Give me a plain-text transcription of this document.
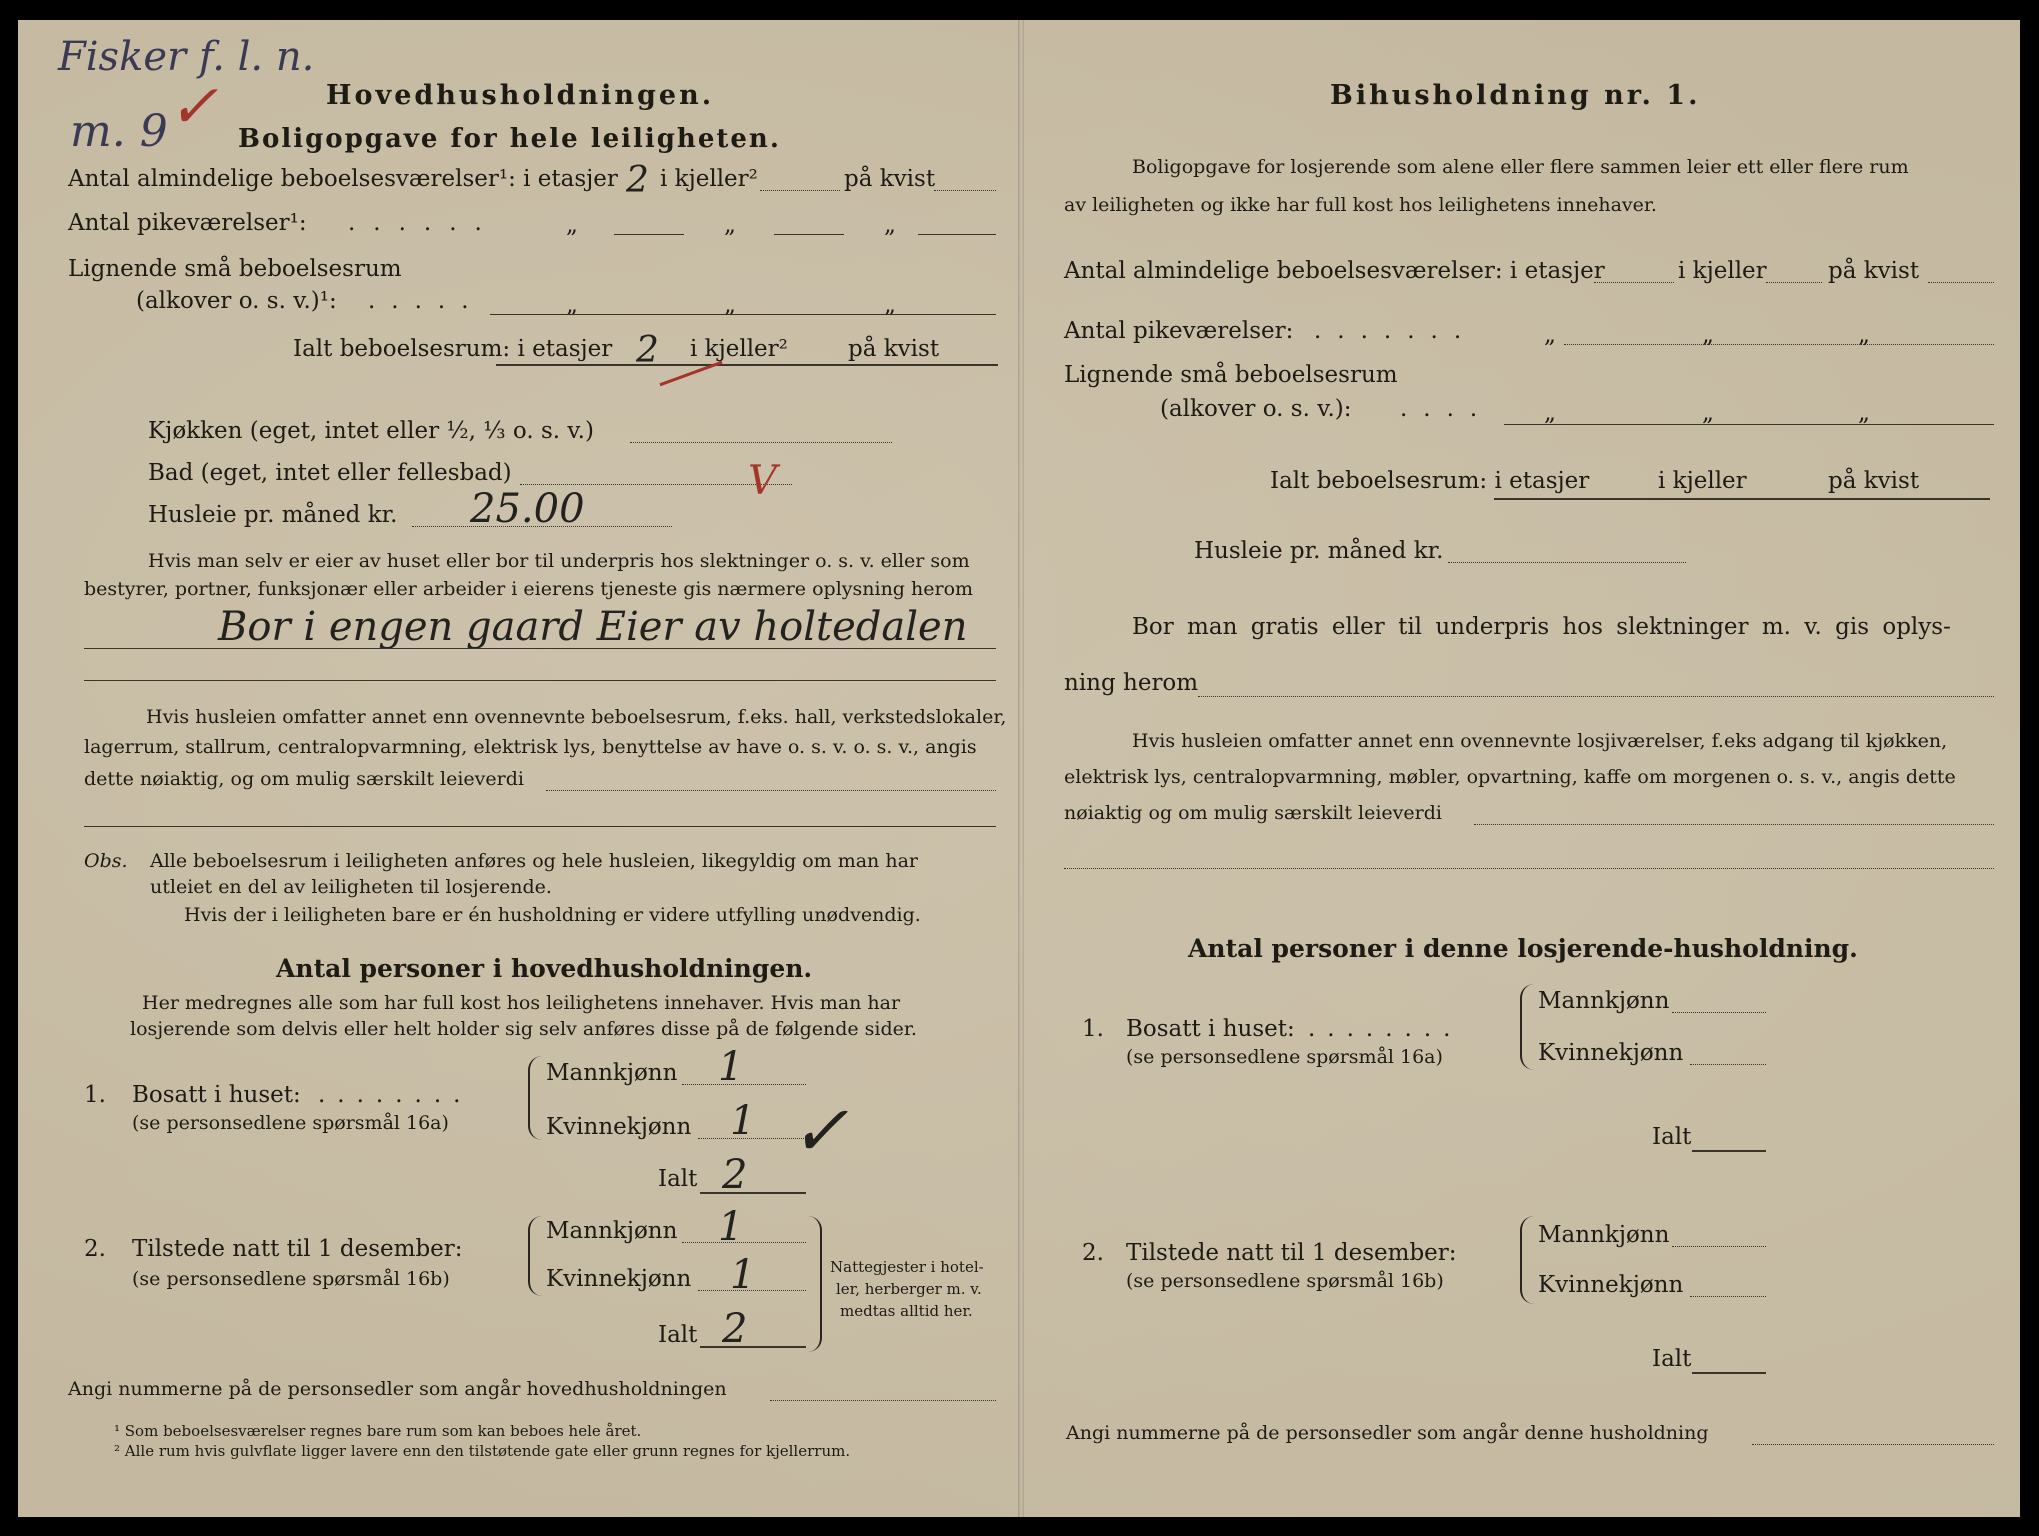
Fisker f. l. n.
m. 9 ✓	Hovedhusholdningen.
Boligopgave for hele leiligheten.
Antal almindelige beboelsesværelser¹: i etasjer 2 i kjeller²	på kvist
Antal pikeværelser¹: ......	„	„	„
Lignende små beboelsesrum
(alkover o. s. v.)¹: .....	„	„	„
Ialt beboelsesrum: i etasjer 2 i kjeller²	på kvist
Kjøkken (eget, intet eller ½, ⅓ o. s. v.)
Bad (eget, intet eller fellesbad)	V
Husleie pr. måned kr. 25.00
Hvis man selv er eier av huset eller bor til underpris hos slektninger o. s. v. eller som
bestyrer, portner, funksjonær eller arbeider i eierens tjeneste gis nærmere oplysning herom
Bor i engen gaard Eier av holtedalen
Hvis husleien omfatter annet enn ovennevnte beboelsesrum, f.eks. hall, verkstedslokaler,
lagerrum, stallrum, centralopvarmning, elektrisk lys, benyttelse av have o. s. v. o. s. v., angis
dette nøiaktig, og om mulig særskilt leieverdi
Obs. Alle beboelsesrum i leiligheten anføres og hele husleien, likegyldig om man har
utleiet en del av leiligheten til losjerende.
Hvis der i leiligheten bare er én husholdning er videre utfylling unødvendig.
Antal personer i hovedhusholdningen.
Her medregnes alle som har full kost hos leilighetens innehaver. Hvis man har
losjerende som delvis eller helt holder sig selv anføres disse på de følgende sider.
1. Bosatt i huset: ........
(se personsedlene spørsmål 16a)
Mannkjønn 1
Kvinnekjønn 1
Ialt 2
✓
2. Tilstede natt til 1 desember:
(se personsedlene spørsmål 16b)
Mannkjønn 1
Kvinnekjønn 1
Ialt 2
Nattegjester i hotel-
ler, herberger m. v.
medtas alltid her.
Angi nummerne på de personsedler som angår hovedhusholdningen
¹ Som beboelsesværelser regnes bare rum som kan beboes hele året.
² Alle rum hvis gulvflate ligger lavere enn den tilstøtende gate eller grunn regnes for kjellerrum.
Bihusholdning nr. 1.
Boligopgave for losjerende som alene eller flere sammen leier ett eller flere rum
av leiligheten og ikke har full kost hos leilighetens innehaver.
Antal almindelige beboelsesværelser: i etasjer	i kjeller	på kvist
Antal pikeværelser: .......	„	„	„
Lignende små beboelsesrum
(alkover o. s. v.): .... „	„	„
Ialt beboelsesrum: i etasjer	i kjeller	på kvist
Husleie pr. måned kr.
Bor man gratis eller til underpris hos slektninger m. v. gis oplys-
ning herom
Hvis husleien omfatter annet enn ovennevnte losjiværelser, f.eks adgang til kjøkken,
elektrisk lys, centralopvarmning, møbler, opvartning, kaffe om morgenen o. s. v., angis dette
nøiaktig og om mulig særskilt leieverdi
Antal personer i denne losjerende-husholdning.
1. Bosatt i huset: ........
(se personsedlene spørsmål 16a)
Mannkjønn
Kvinnekjønn
Ialt
2. Tilstede natt til 1 desember:
(se personsedlene spørsmål 16b)
Mannkjønn
Kvinnekjønn
Ialt
Angi nummerne på de personsedler som angår denne husholdning
